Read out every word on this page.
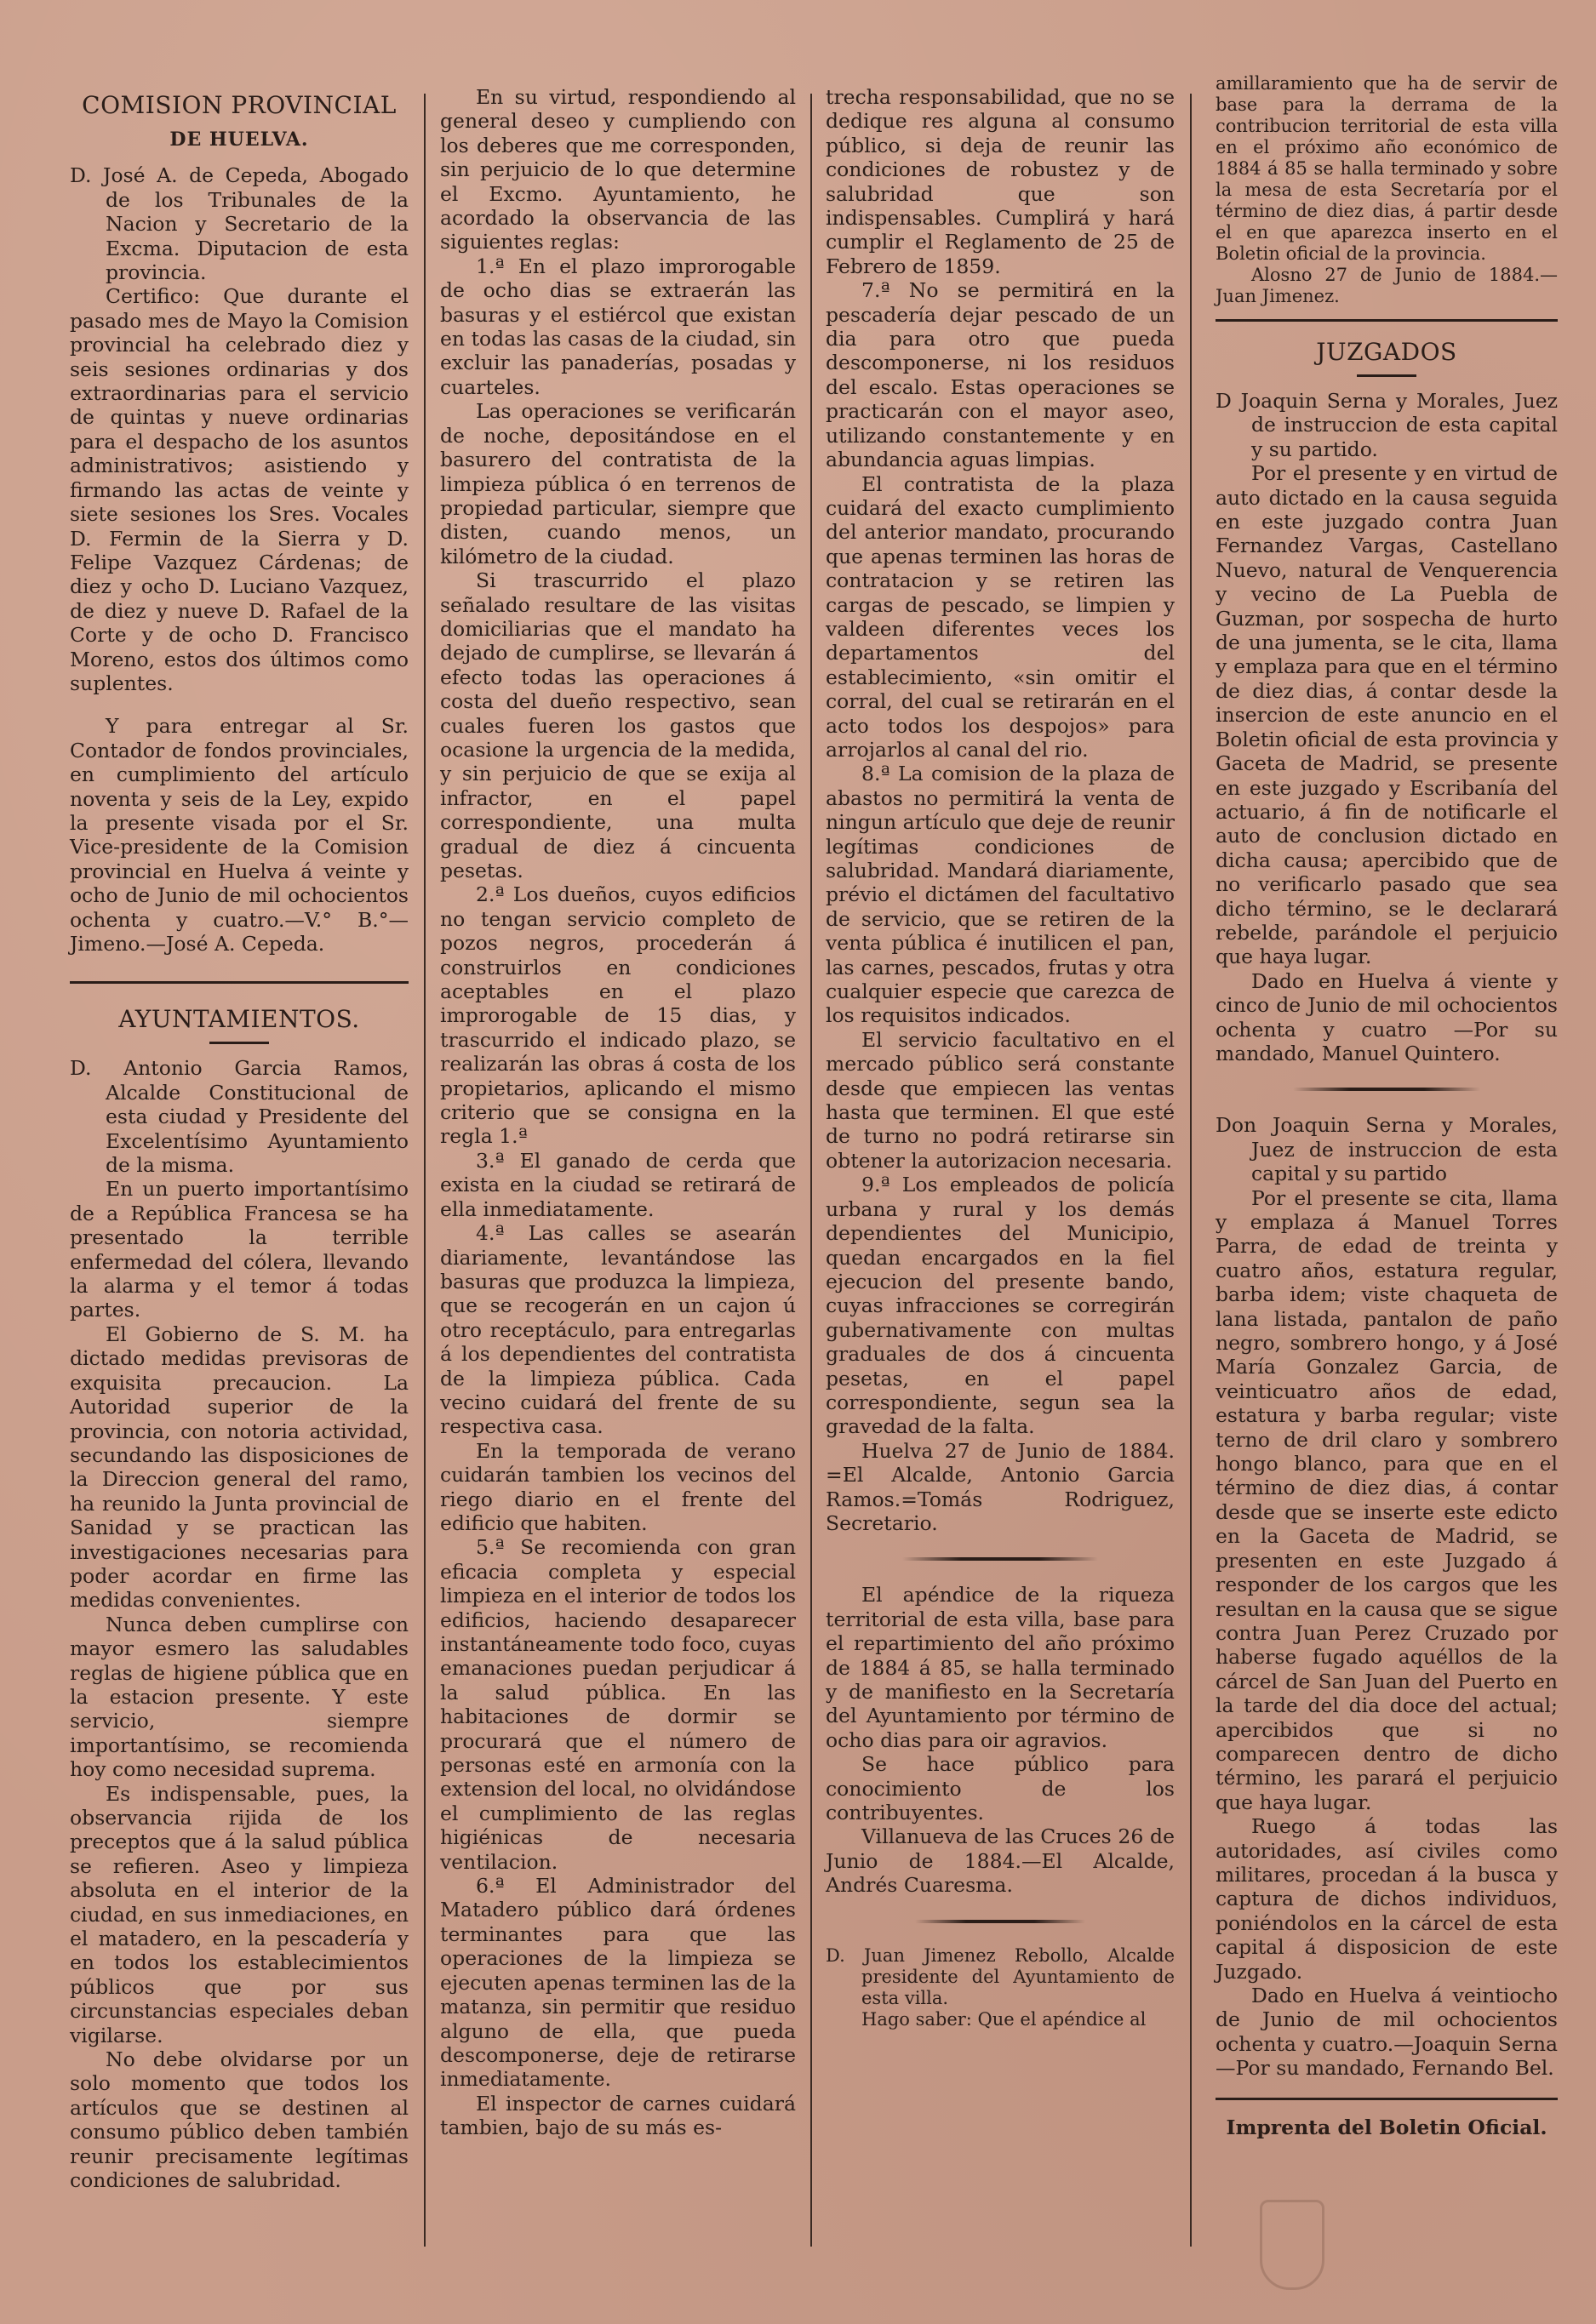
COMISION PROVINCIAL
DE HUELVA.

D. José A. de Cepeda, Abogado de los Tribunales de la Nacion y Secretario de la Excma. Diputacion de esta provincia.

Certifico: Que durante el pasado mes de Mayo la Comision provincial ha celebrado diez y seis sesiones ordinarias y dos extraordinarias para el servicio de quintas y nueve ordinarias para el despacho de los asuntos administrativos; asistiendo y firmando las actas de veinte y siete sesiones los Sres. Vocales D. Fermin de la Sierra y D. Felipe Vazquez Cárdenas; de diez y ocho D. Luciano Vazquez, de diez y nueve D. Rafael de la Corte y de ocho D. Francisco Moreno, estos dos últimos como suplentes.

Y para entregar al Sr. Contador de fondos provinciales, en cumplimiento del artículo noventa y seis de la Ley, expido la presente visada por el Sr. Vice-presidente de la Comision provincial en Huelva á veinte y ocho de Junio de mil ochocientos ochenta y cuatro.—V.° B.°—Jimeno.—José A. Cepeda.

AYUNTAMIENTOS.

D. Antonio Garcia Ramos, Alcalde Constitucional de esta ciudad y Presidente del Excelentísimo Ayuntamiento de la misma.

En un puerto importantísimo de a República Francesa se ha presentado la terrible enfermedad del cólera, llevando la alarma y el temor á todas partes.

El Gobierno de S. M. ha dictado medidas previsoras de exquisita precaucion. La Autoridad superior de la provincia, con notoria actividad, secundando las disposiciones de la Direccion general del ramo, ha reunido la Junta provincial de Sanidad y se practican las investigaciones necesarias para poder acordar en firme las medidas convenientes.

Nunca deben cumplirse con mayor esmero las saludables reglas de higiene pública que en la estacion presente. Y este servicio, siempre importantísimo, se recomienda hoy como necesidad suprema.

Es indispensable, pues, la observancia rijida de los preceptos que á la salud pública se refieren. Aseo y limpieza absoluta en el interior de la ciudad, en sus inmediaciones, en el matadero, en la pescadería y en todos los establecimientos públicos que por sus circunstancias especiales deban vigilarse.

No debe olvidarse por un solo momento que todos los artículos que se destinen al consumo público deben también reunir precisamente legítimas condiciones de salubridad.

En su virtud, respondiendo al general deseo y cumpliendo con los deberes que me corresponden, sin perjuicio de lo que determine el Excmo. Ayuntamiento, he acordado la observancia de las siguientes reglas:

1.ª En el plazo improrogable de ocho dias se extraerán las basuras y el estiércol que existan en todas las casas de la ciudad, sin excluir las panaderías, posadas y cuarteles.

Las operaciones se verificarán de noche, depositándose en el basurero del contratista de la limpieza pública ó en terrenos de propiedad particular, siempre que disten, cuando menos, un kilómetro de la ciudad.

Si trascurrido el plazo señalado resultare de las visitas domiciliarias que el mandato ha dejado de cumplirse, se llevarán á efecto todas las operaciones á costa del dueño respectivo, sean cuales fueren los gastos que ocasione la urgencia de la medida, y sin perjuicio de que se exija al infractor, en el papel correspondiente, una multa gradual de diez á cincuenta pesetas.

2.ª Los dueños, cuyos edificios no tengan servicio completo de pozos negros, procederán á construirlos en condiciones aceptables en el plazo improrogable de 15 dias, y trascurrido el indicado plazo, se realizarán las obras á costa de los propietarios, aplicando el mismo criterio que se consigna en la regla 1.ª

3.ª El ganado de cerda que exista en la ciudad se retirará de ella inmediatamente.

4.ª Las calles se asearán diariamente, levantándose las basuras que produzca la limpieza, que se recogerán en un cajon ú otro receptáculo, para entregarlas á los dependientes del contratista de la limpieza pública. Cada vecino cuidará del frente de su respectiva casa.

En la temporada de verano cuidarán tambien los vecinos del riego diario en el frente del edificio que habiten.

5.ª Se recomienda con gran eficacia completa y especial limpieza en el interior de todos los edificios, haciendo desaparecer instantáneamente todo foco, cuyas emanaciones puedan perjudicar á la salud pública. En las habitaciones de dormir se procurará que el número de personas esté en armonía con la extension del local, no olvidándose el cumplimiento de las reglas higiénicas de necesaria ventilacion.

6.ª El Administrador del Matadero público dará órdenes terminantes para que las operaciones de la limpieza se ejecuten apenas terminen las de la matanza, sin permitir que residuo alguno de ella, que pueda descomponerse, deje de retirarse inmediatamente.

El inspector de carnes cuidará tambien, bajo de su más es-

trecha responsabilidad, que no se dedique res alguna al consumo público, si deja de reunir las condiciones de robustez y de salubridad que son indispensables. Cumplirá y hará cumplir el Reglamento de 25 de Febrero de 1859.

7.ª No se permitirá en la pescadería dejar pescado de un dia para otro que pueda descomponerse, ni los residuos del escalo. Estas operaciones se practicarán con el mayor aseo, utilizando constantemente y en abundancia aguas limpias.

El contratista de la plaza cuidará del exacto cumplimiento del anterior mandato, procurando que apenas terminen las horas de contratacion y se retiren las cargas de pescado, se limpien y valdeen diferentes veces los departamentos del establecimiento, «sin omitir el corral, del cual se retirarán en el acto todos los despojos» para arrojarlos al canal del rio.

8.ª La comision de la plaza de abastos no permitirá la venta de ningun artículo que deje de reunir legítimas condiciones de salubridad. Mandará diariamente, prévio el dictámen del facultativo de servicio, que se retiren de la venta pública é inutilicen el pan, las carnes, pescados, frutas y otra cualquier especie que carezca de los requisitos indicados.

El servicio facultativo en el mercado público será constante desde que empiecen las ventas hasta que terminen. El que esté de turno no podrá retirarse sin obtener la autorizacion necesaria.

9.ª Los empleados de policía urbana y rural y los demás dependientes del Municipio, quedan encargados en la fiel ejecucion del presente bando, cuyas infracciones se corregirán gubernativamente con multas graduales de dos á cincuenta pesetas, en el papel correspondiente, segun sea la gravedad de la falta.

Huelva 27 de Junio de 1884. =El Alcalde, Antonio Garcia Ramos.=Tomás Rodriguez, Secretario.

El apéndice de la riqueza territorial de esta villa, base para el repartimiento del año próximo de 1884 á 85, se halla terminado y de manifiesto en la Secretaría del Ayuntamiento por término de ocho dias para oir agravios.

Se hace público para conocimiento de los contribuyentes.

Villanueva de las Cruces 26 de Junio de 1884.—El Alcalde, Andrés Cuaresma.

D. Juan Jimenez Rebollo, Alcalde presidente del Ayuntamiento de esta villa.

Hago saber: Que el apéndice al

amillaramiento que ha de servir de base para la derrama de la contribucion territorial de esta villa en el próximo año económico de 1884 á 85 se halla terminado y sobre la mesa de esta Secretaría por el término de diez dias, á partir desde el en que aparezca inserto en el Boletin oficial de la provincia.

Alosno 27 de Junio de 1884.—Juan Jimenez.

JUZGADOS

D Joaquin Serna y Morales, Juez de instruccion de esta capital y su partido.

Por el presente y en virtud de auto dictado en la causa seguida en este juzgado contra Juan Fernandez Vargas, Castellano Nuevo, natural de Venquerencia y vecino de La Puebla de Guzman, por sospecha de hurto de una jumenta, se le cita, llama y emplaza para que en el término de diez dias, á contar desde la insercion de este anuncio en el Boletin oficial de esta provincia y Gaceta de Madrid, se presente en este juzgado y Escribanía del actuario, á fin de notificarle el auto de conclusion dictado en dicha causa; apercibido que de no verificarlo pasado que sea dicho término, se le declarará rebelde, parándole el perjuicio que haya lugar.

Dado en Huelva á viente y cinco de Junio de mil ochocientos ochenta y cuatro —Por su mandado, Manuel Quintero.

Don Joaquin Serna y Morales, Juez de instruccion de esta capital y su partido

Por el presente se cita, llama y emplaza á Manuel Torres Parra, de edad de treinta y cuatro años, estatura regular, barba idem; viste chaqueta de lana listada, pantalon de paño negro, sombrero hongo, y á José María Gonzalez Garcia, de veinticuatro años de edad, estatura y barba regular; viste terno de dril claro y sombrero hongo blanco, para que en el término de diez dias, á contar desde que se inserte este edicto en la Gaceta de Madrid, se presenten en este Juzgado á responder de los cargos que les resultan en la causa que se sigue contra Juan Perez Cruzado por haberse fugado aquéllos de la cárcel de San Juan del Puerto en la tarde del dia doce del actual; apercibidos que si no comparecen dentro de dicho término, les parará el perjuicio que haya lugar.

Ruego á todas las autoridades, así civiles como militares, procedan á la busca y captura de dichos individuos, poniéndolos en la cárcel de esta capital á disposicion de este Juzgado.

Dado en Huelva á veintiocho de Junio de mil ochocientos ochenta y cuatro.—Joaquin Serna —Por su mandado, Fernando Bel.

Imprenta del Boletin Oficial.
